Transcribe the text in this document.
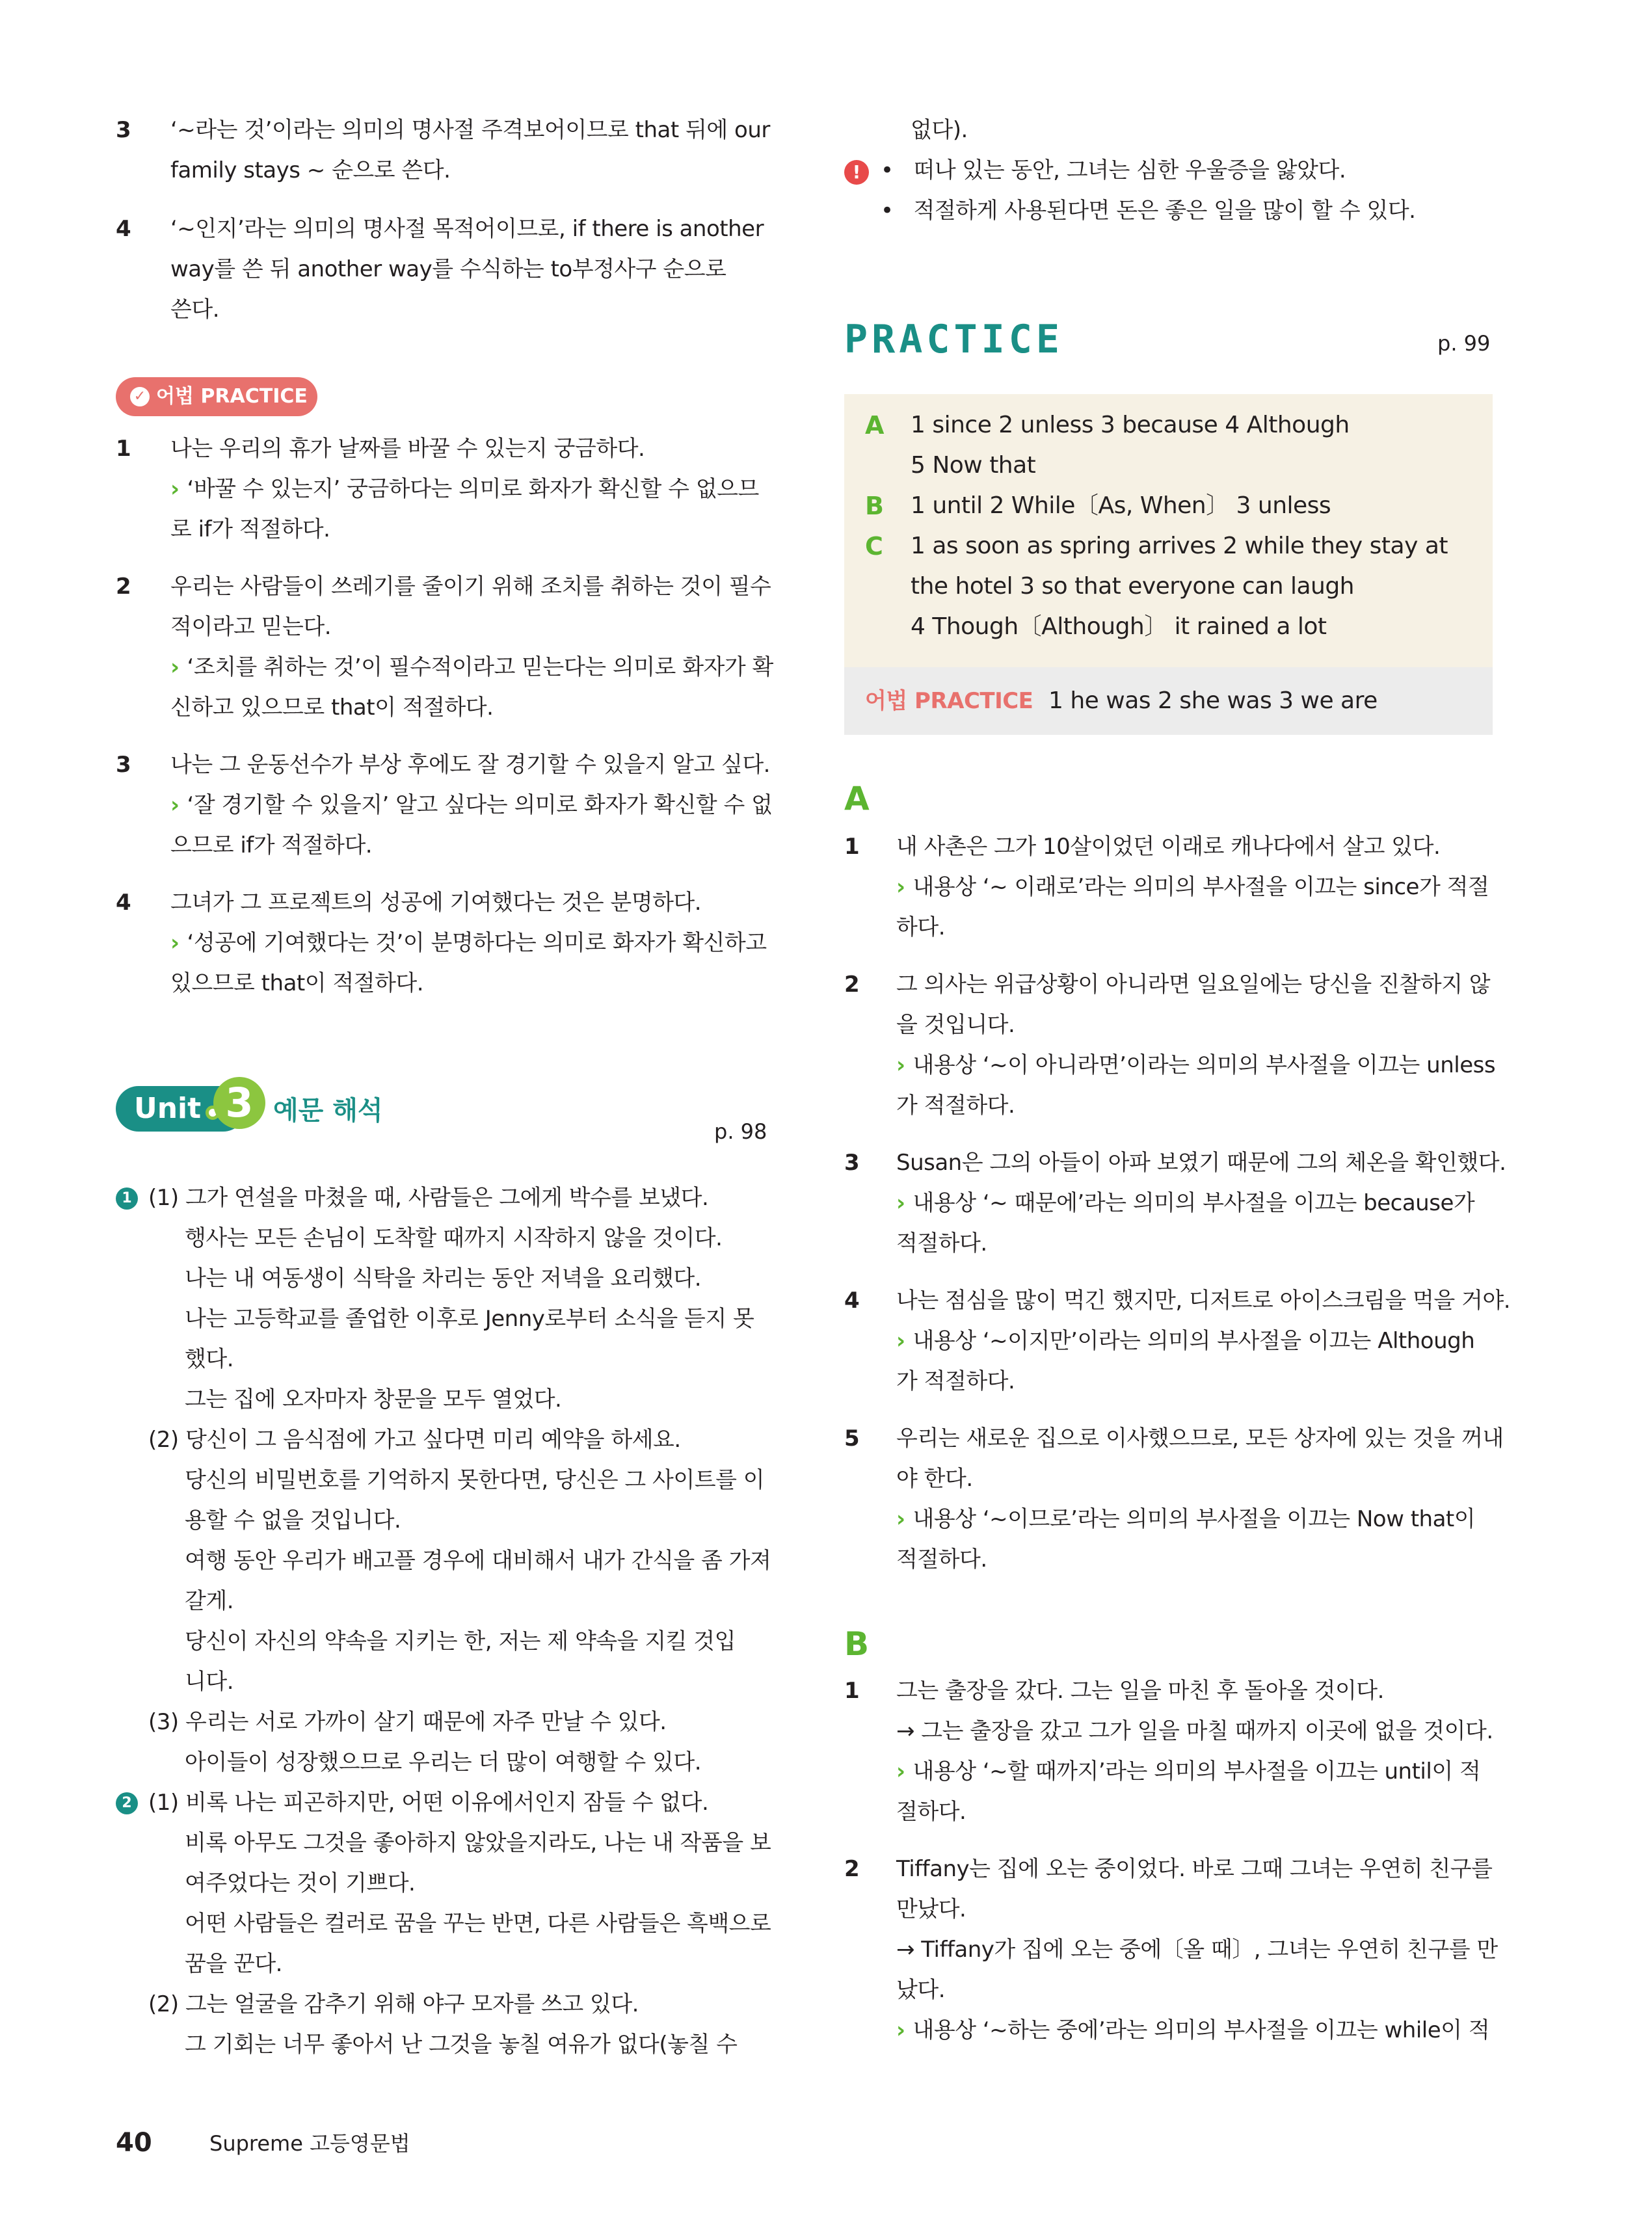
3 ‘~라는 것’이라는 의미의 명사절 주격보어이므로 that 뒤에 our
family stays ~ 순으로 쓴다.
4 ‘~인지’라는 의미의 명사절 목적어이므로, if there is another
way를 쓴 뒤 another way를 수식하는 to부정사구 순으로
쓴다.
✓ 어법 PRACTICE
1 나는 우리의 휴가 날짜를 바꿀 수 있는지 궁금하다.
› ‘바꿀 수 있는지’ 궁금하다는 의미로 화자가 확신할 수 없으므
로 if가 적절하다.
2 우리는 사람들이 쓰레기를 줄이기 위해 조치를 취하는 것이 필수
적이라고 믿는다.
› ‘조치를 취하는 것’이 필수적이라고 믿는다는 의미로 화자가 확
신하고 있으므로 that이 적절하다.
3 나는 그 운동선수가 부상 후에도 잘 경기할 수 있을지 알고 싶다.
› ‘잘 경기할 수 있을지’ 알고 싶다는 의미로 화자가 확신할 수 없
으므로 if가 적절하다.
4 그녀가 그 프로젝트의 성공에 기여했다는 것은 분명하다.
› ‘성공에 기여했다는 것’이 분명하다는 의미로 화자가 확신하고
있으므로 that이 적절하다.
Unit 3 예문 해석
p. 98
1 (1) 그가 연설을 마쳤을 때, 사람들은 그에게 박수를 보냈다.
행사는 모든 손님이 도착할 때까지 시작하지 않을 것이다.
나는 내 여동생이 식탁을 차리는 동안 저녁을 요리했다.
나는 고등학교를 졸업한 이후로 Jenny로부터 소식을 듣지 못
했다.
그는 집에 오자마자 창문을 모두 열었다.
(2) 당신이 그 음식점에 가고 싶다면 미리 예약을 하세요.
당신의 비밀번호를 기억하지 못한다면, 당신은 그 사이트를 이
용할 수 없을 것입니다.
여행 동안 우리가 배고플 경우에 대비해서 내가 간식을 좀 가져
갈게.
당신이 자신의 약속을 지키는 한, 저는 제 약속을 지킬 것입
니다.
(3) 우리는 서로 가까이 살기 때문에 자주 만날 수 있다.
아이들이 성장했으므로 우리는 더 많이 여행할 수 있다.
2 (1) 비록 나는 피곤하지만, 어떤 이유에서인지 잠들 수 없다.
비록 아무도 그것을 좋아하지 않았을지라도, 나는 내 작품을 보
여주었다는 것이 기쁘다.
어떤 사람들은 컬러로 꿈을 꾸는 반면, 다른 사람들은 흑백으로
꿈을 꾼다.
(2) 그는 얼굴을 감추기 위해 야구 모자를 쓰고 있다.
그 기회는 너무 좋아서 난 그것을 놓칠 여유가 없다(놓칠 수
없다).
! •   떠나 있는 동안, 그녀는 심한 우울증을 앓았다.
•   적절하게 사용된다면 돈은 좋은 일을 많이 할 수 있다.
PRACTICE	p. 99
A 1 since 2 unless 3 because 4 Although
5 Now that
B 1 until 2 While〔As, When〕 3 unless
C 1 as soon as spring arrives 2 while they stay at
the hotel 3 so that everyone can laugh
4 Though〔Although〕 it rained a lot
어법 PRACTICE 1 he was 2 she was 3 we are
A
1 내 사촌은 그가 10살이었던 이래로 캐나다에서 살고 있다.
› 내용상 ‘~ 이래로’라는 의미의 부사절을 이끄는 since가 적절
하다.
2 그 의사는 위급상황이 아니라면 일요일에는 당신을 진찰하지 않
을 것입니다.
› 내용상 ‘~이 아니라면’이라는 의미의 부사절을 이끄는 unless
가 적절하다.
3 Susan은 그의 아들이 아파 보였기 때문에 그의 체온을 확인했다.
› 내용상 ‘~ 때문에’라는 의미의 부사절을 이끄는 because가
적절하다.
4 나는 점심을 많이 먹긴 했지만, 디저트로 아이스크림을 먹을 거야.
› 내용상 ‘~이지만’이라는 의미의 부사절을 이끄는 Although
가 적절하다.
5 우리는 새로운 집으로 이사했으므로, 모든 상자에 있는 것을 꺼내
야 한다.
› 내용상 ‘~이므로’라는 의미의 부사절을 이끄는 Now that이
적절하다.
B
1 그는 출장을 갔다. 그는 일을 마친 후 돌아올 것이다.
→ 그는 출장을 갔고 그가 일을 마칠 때까지 이곳에 없을 것이다.
› 내용상 ‘~할 때까지’라는 의미의 부사절을 이끄는 until이 적
절하다.
2 Tiffany는 집에 오는 중이었다. 바로 그때 그녀는 우연히 친구를
만났다.
→ Tiffany가 집에 오는 중에〔올 때〕, 그녀는 우연히 친구를 만
났다.
› 내용상 ‘~하는 중에’라는 의미의 부사절을 이끄는 while이 적
40	Supreme 고등영문법
